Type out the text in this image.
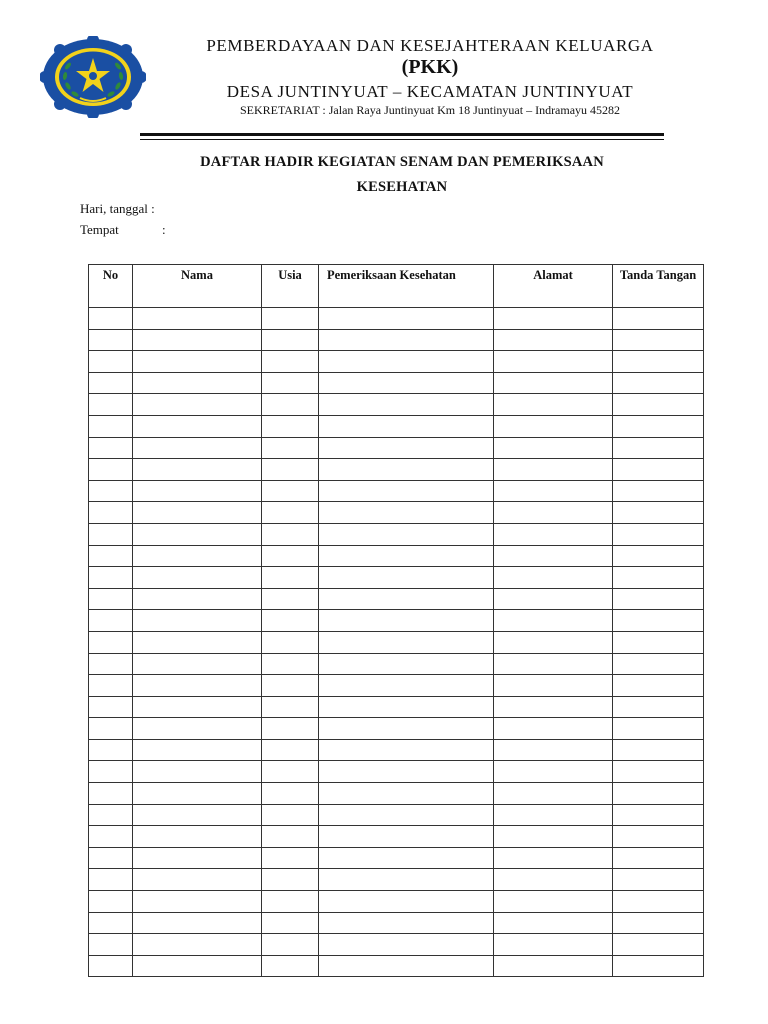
PEMBERDAYAAN DAN KESEJAHTERAAN KELUARGA
(PKK)
DESA JUNTINYUAT – KECAMATAN JUNTINYUAT
SEKRETARIAT : Jalan Raya Juntinyuat Km 18 Juntinyuat – Indramayu 45282
DAFTAR HADIR KEGIATAN SENAM DAN PEMERIKSAAN
KESEHATAN
Hari, tanggal :
Tempat	:
No	Nama	Usia	Pemeriksaan Kesehatan	Alamat	Tanda Tangan
